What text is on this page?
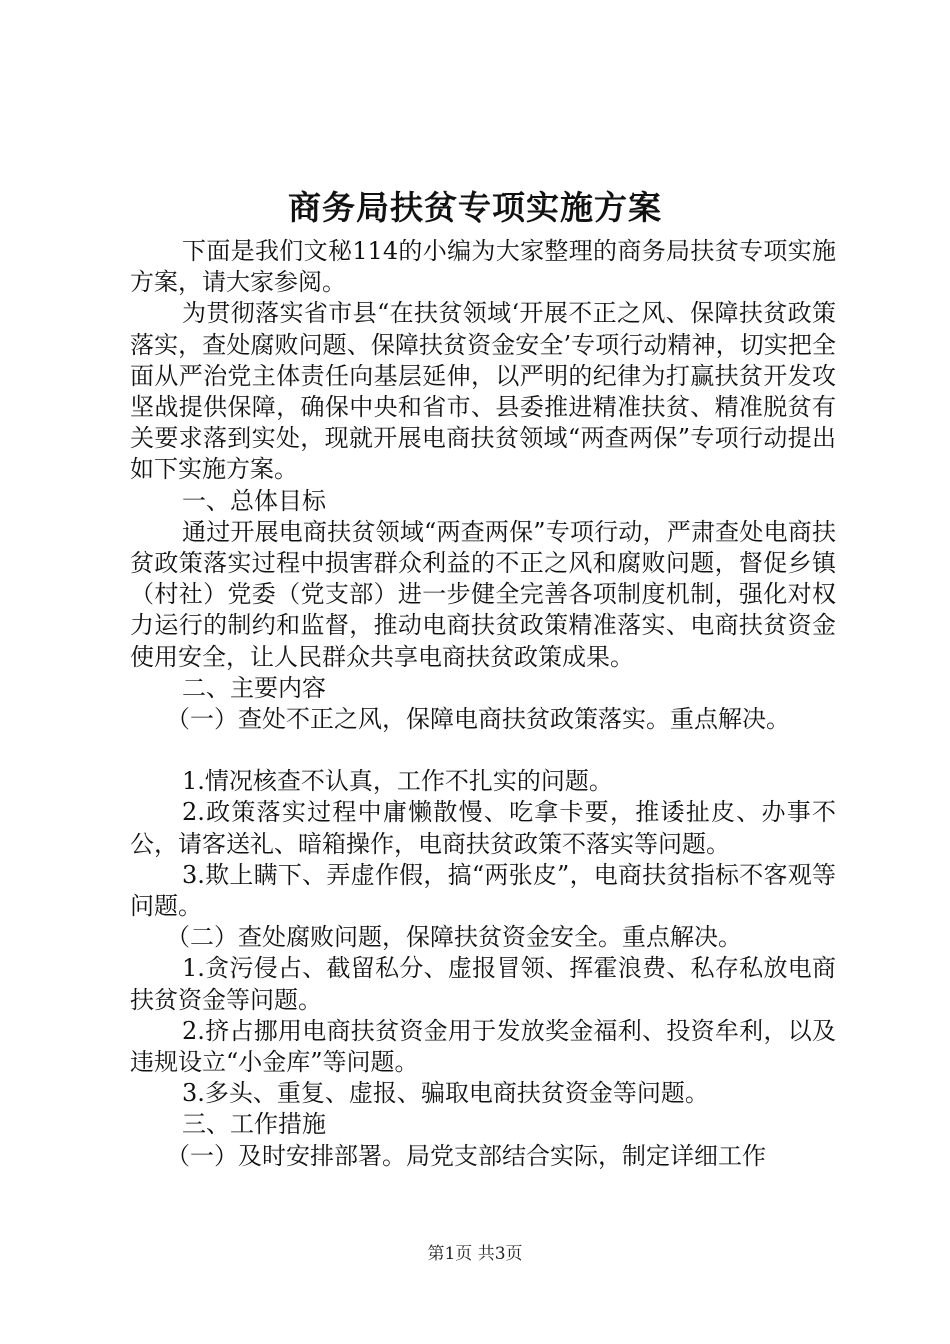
商务局扶贫专项实施方案

下面是我们文秘114的小编为大家整理的商务局扶贫专项实施方案，请大家参阅。

为贯彻落实省市县“在扶贫领域‘开展不正之风、保障扶贫政策落实，查处腐败问题、保障扶贫资金安全’专项行动精神，切实把全面从严治党主体责任向基层延伸，以严明的纪律为打赢扶贫开发攻坚战提供保障，确保中央和省市、县委推进精准扶贫、精准脱贫有关要求落到实处，现就开展电商扶贫领域“两查两保”专项行动提出如下实施方案。

一、总体目标

通过开展电商扶贫领域“两查两保”专项行动，严肃查处电商扶贫政策落实过程中损害群众利益的不正之风和腐败问题，督促乡镇（村社）党委（党支部）进一步健全完善各项制度机制，强化对权力运行的制约和监督，推动电商扶贫政策精准落实、电商扶贫资金使用安全，让人民群众共享电商扶贫政策成果。

二、主要内容

（一）查处不正之风，保障电商扶贫政策落实。重点解决。

1.情况核查不认真，工作不扎实的问题。

2.政策落实过程中庸懒散慢、吃拿卡要，推诿扯皮、办事不公，请客送礼、暗箱操作，电商扶贫政策不落实等问题。

3.欺上瞒下、弄虚作假，搞“两张皮”，电商扶贫指标不客观等问题。

（二）查处腐败问题，保障扶贫资金安全。重点解决。

1.贪污侵占、截留私分、虚报冒领、挥霍浪费、私存私放电商扶贫资金等问题。

2.挤占挪用电商扶贫资金用于发放奖金福利、投资牟利，以及违规设立“小金库”等问题。

3.多头、重复、虚报、骗取电商扶贫资金等问题。

三、工作措施

（一）及时安排部署。局党支部结合实际，制定详细工作

第1页 共3页
